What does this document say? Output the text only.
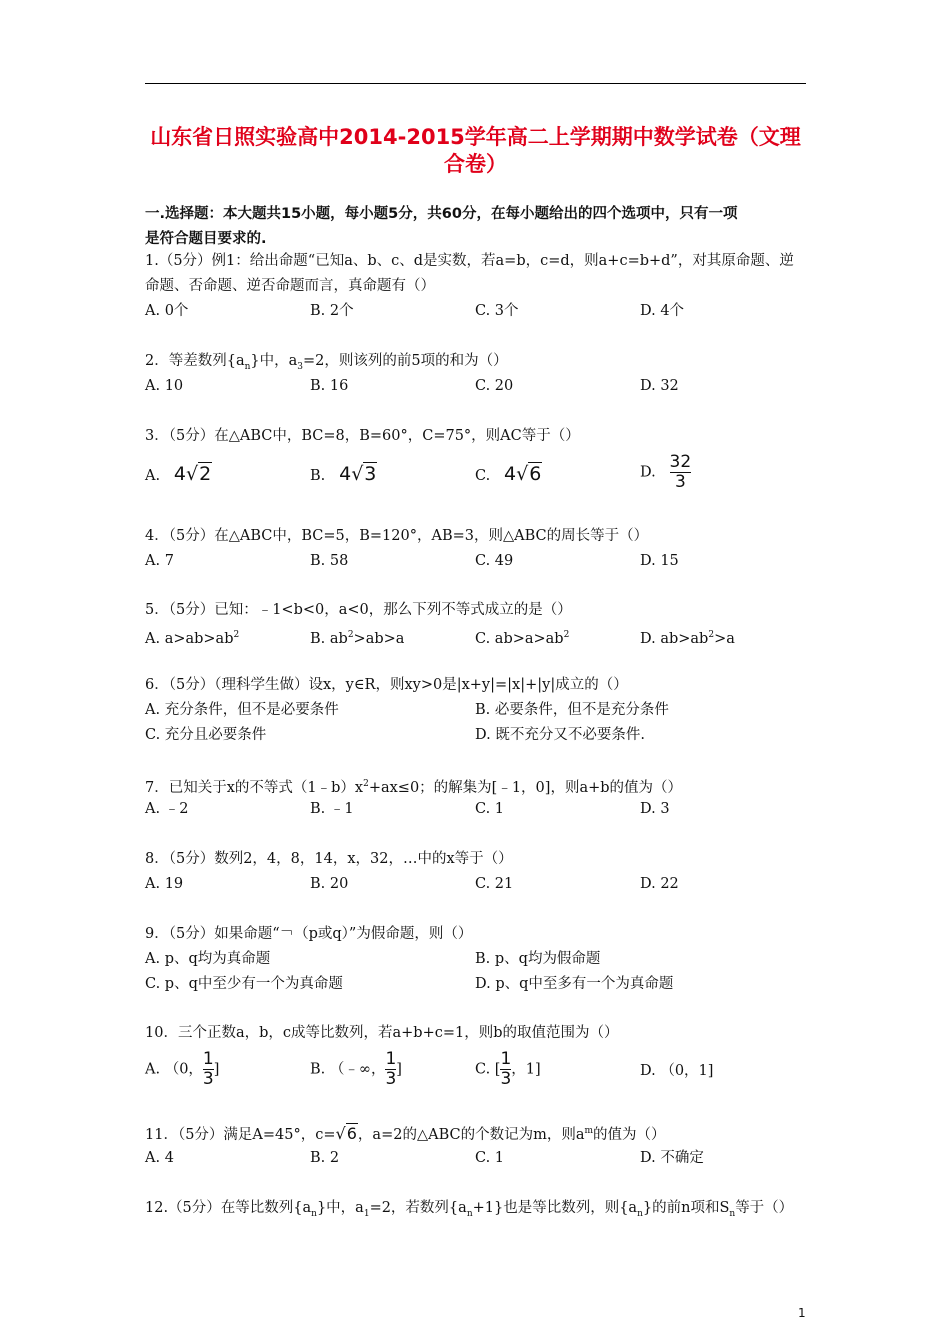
山东省日照实验高中2014-2015学年高二上学期期中数学试卷（文理
合卷）
一.选择题：本大题共15小题，每小题5分，共60分，在每小题给出的四个选项中，只有一项
是符合题目要求的.
1.（5分）例1：给出命题“已知a、b、c、d是实数，若a=b，c=d，则a+c=b+d”，对其原命题、逆
命题、否命题、逆否命题而言，真命题有（）
A. 0个	B. 2个	C. 3个	D. 4个
2．等差数列$\{a_n\}$中，$a_3=2$，则该列的前5项的和为（）
A. 10	B. 16	C. 20	D. 32
3．（5分）在△ABC中，BC=8，B=60°，C=75°，则AC等于（）
A. 4√2	B. 4√3	C. 4√6	D. $\frac{32}{3}$
4．（5分）在△ABC中，BC=5，B=120°，AB=3，则△ABC的周长等于（）
A. 7	B. 58	C. 49	D. 15
5．（5分）已知：﹣1<b<0，a<0，那么下列不等式成立的是（）
A. $a>ab>ab^2$	B. $ab^2>ab>a$	C. $ab>a>ab^2$	D. $ab>ab^2>a$
6．（5分）（理科学生做）设x，y∈R，则xy>0是|x+y|=|x|+|y|成立的（）
A. 充分条件，但不是必要条件	B. 必要条件，但不是充分条件
C. 充分且必要条件	D. 既不充分又不必要条件.
7．已知关于x的不等式$(1﹣b)x^2+ax\le 0$；的解集为[﹣1，0]，则a+b的值为（）
A. ﹣2	B. ﹣1	C. 1	D. 3
8．（5分）数列2，4，8，14，x，32，…中的x等于（）
A. 19	B. 20	C. 21	D. 22
9．（5分）如果命题“￢（p或q）”为假命题，则（）
A. p、q均为真命题	B. p、q均为假命题
C. p、q中至少有一个为真命题	D. p、q中至多有一个为真命题
10．三个正数a，b，c成等比数列，若a+b+c=1，则b的取值范围为（）
A. （0， $\frac{1}{3}$ ]	B. （﹣∞， $\frac{1}{3}$ ]	C. [ $\frac{1}{3}$ ，1]	D. （0，1]
11．（5分）满足A=45°，c=√6，a=2的△ABC的个数记为m，则$a^m$的值为（）
A. 4	B. 2	C. 1	D. 不确定
12.（5分）在等比数列$\{a_n\}$中，$a_1=2$，若数列$\{a_n+1\}$也是等比数列，则$\{a_n\}$的前n项和$S_n$等于（）
1
